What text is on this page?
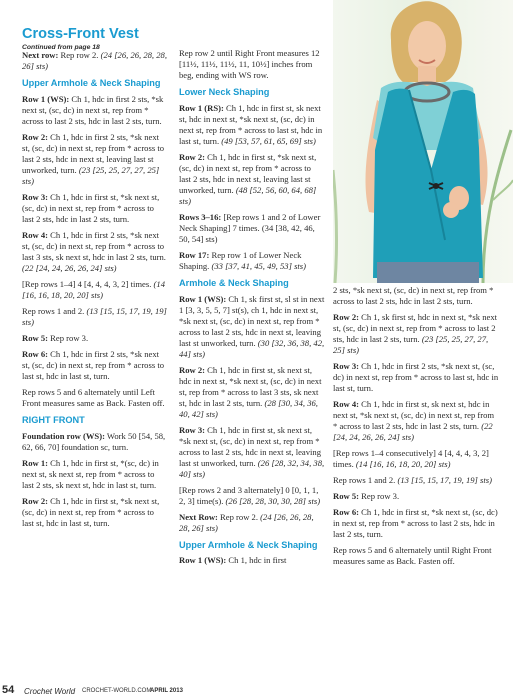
Cross-Front Vest
Continued from page 18

Next row: Rep row 2. (24 [26, 26, 28, 28, 26] sts)

Upper Armhole & Neck Shaping

Row 1 (WS): Ch 1, hdc in first 2 sts, *sk next st, (sc, dc) in next st, rep from * across to last 2 sts, hdc in last 2 sts, turn.

Row 2: Ch 1, hdc in first 2 sts, *sk next st, (sc, dc) in next st, rep from * across to last 2 sts, hdc in next st, leaving last st unworked, turn. (23 [25, 25, 27, 27, 25] sts)

Row 3: Ch 1, hdc in first st, *sk next st, (sc, dc) in next st, rep from * across to last 2 sts, hdc in last 2 sts, turn.

Row 4: Ch 1, hdc in first 2 sts, *sk next st, (sc, dc) in next st, rep from * across to last 3 sts, sk next st, hdc in last 2 sts, turn. (22 [24, 24, 26, 26, 24] sts)

[Rep rows 1–4] 4 [4, 4, 4, 3, 2] times. (14 [16, 16, 18, 20, 20] sts)

Rep rows 1 and 2. (13 [15, 15, 17, 19, 19] sts)

Row 5: Rep row 3.

Row 6: Ch 1, hdc in first 2 sts, *sk next st, (sc, dc) in next st, rep from * across to last st, hdc in last st, turn.

Rep rows 5 and 6 alternately until Left Front measures same as Back. Fasten off.

RIGHT FRONT

Foundation row (WS): Work 50 [54, 58, 62, 66, 70] foundation sc, turn.

Row 1: Ch 1, hdc in first st, *(sc, dc) in next st, sk next st, rep from * across to last 2 sts, sk next st, hdc in last st, turn.

Row 2: Ch 1, hdc in first st, *sk next st, (sc, dc) in next st, rep from * across to last st, hdc in last st, turn.

Rep row 2 until Right Front measures 12 [11½, 11½, 11½, 11, 10½] inches from beg, ending with WS row.

Lower Neck Shaping

Row 1 (RS): Ch 1, hdc in first st, sk next st, hdc in next st, *sk next st, (sc, dc) in next st, rep from * across to last st, hdc in last st, turn. (49 [53, 57, 61, 65, 69] sts)

Row 2: Ch 1, hdc in first st, *sk next st, (sc, dc) in next st, rep from * across to last 2 sts, hdc in next st, leaving last st unworked, turn. (48 [52, 56, 60, 64, 68] sts)

Rows 3–16: [Rep rows 1 and 2 of Lower Neck Shaping] 7 times. (34 [38, 42, 46, 50, 54] sts)

Row 17: Rep row 1 of Lower Neck Shaping. (33 [37, 41, 45, 49, 53] sts)

Armhole & Neck Shaping

Row 1 (WS): Ch 1, sk first st, sl st in next 1 [3, 3, 5, 5, 7] st(s), ch 1, hdc in next st, *sk next st, (sc, dc) in next st, rep from * across to last 2 sts, hdc in next st, leaving last st unworked, turn. (30 [32, 36, 38, 42, 44] sts)

Row 2: Ch 1, hdc in first st, sk next st, hdc in next st, *sk next st, (sc, dc) in next st, rep from * across to last 3 sts, sk next st, hdc in last 2 sts, turn. (28 [30, 34, 36, 40, 42] sts)

Row 3: Ch 1, hdc in first st, sk next st, *sk next st, (sc, dc) in next st, rep from * across to last 2 sts, hdc in next st, leaving last st unworked, turn. (26 [28, 32, 34, 38, 40] sts)

[Rep rows 2 and 3 alternately] 0 [0, 1, 1, 2, 3] time(s). (26 [28, 28, 30, 30, 28] sts)

Next Row: Rep row 2. (24 [26, 26, 28, 28, 26] sts)

Upper Armhole & Neck Shaping

Row 1 (WS): Ch 1, hdc in first

2 sts, *sk next st, (sc, dc) in next st, rep from * across to last 2 sts, hdc in last 2 sts, turn.

Row 2: Ch 1, sk first st, hdc in next st, *sk next st, (sc, dc) in next st, rep from * across to last 2 sts, hdc in last 2 sts, turn. (23 [25, 25, 27, 27, 25] sts)

Row 3: Ch 1, hdc in first 2 sts, *sk next st, (sc, dc) in next st, rep from * across to last st, hdc in last st, turn.

Row 4: Ch 1, hdc in first st, sk next st, hdc in next st, *sk next st, (sc, dc) in next st, rep from * across to last 2 sts, hdc in last 2 sts, turn. (22 [24, 24, 26, 26, 24] sts)

[Rep rows 1–4 consecutively] 4 [4, 4, 4, 3, 2] times. (14 [16, 16, 18, 20, 20] sts)

Rep rows 1 and 2. (13 [15, 15, 17, 19, 19] sts)

Row 5: Rep row 3.

Row 6: Ch 1, hdc in first st, *sk next st, (sc, dc) in next st, rep from * across to last 2 sts, hdc in last 2 sts, turn.

Rep rows 5 and 6 alternately until Right Front measures same as Back. Fasten off.

54 Crochet World CROCHET-WORLD.COM
APRIL 2013
